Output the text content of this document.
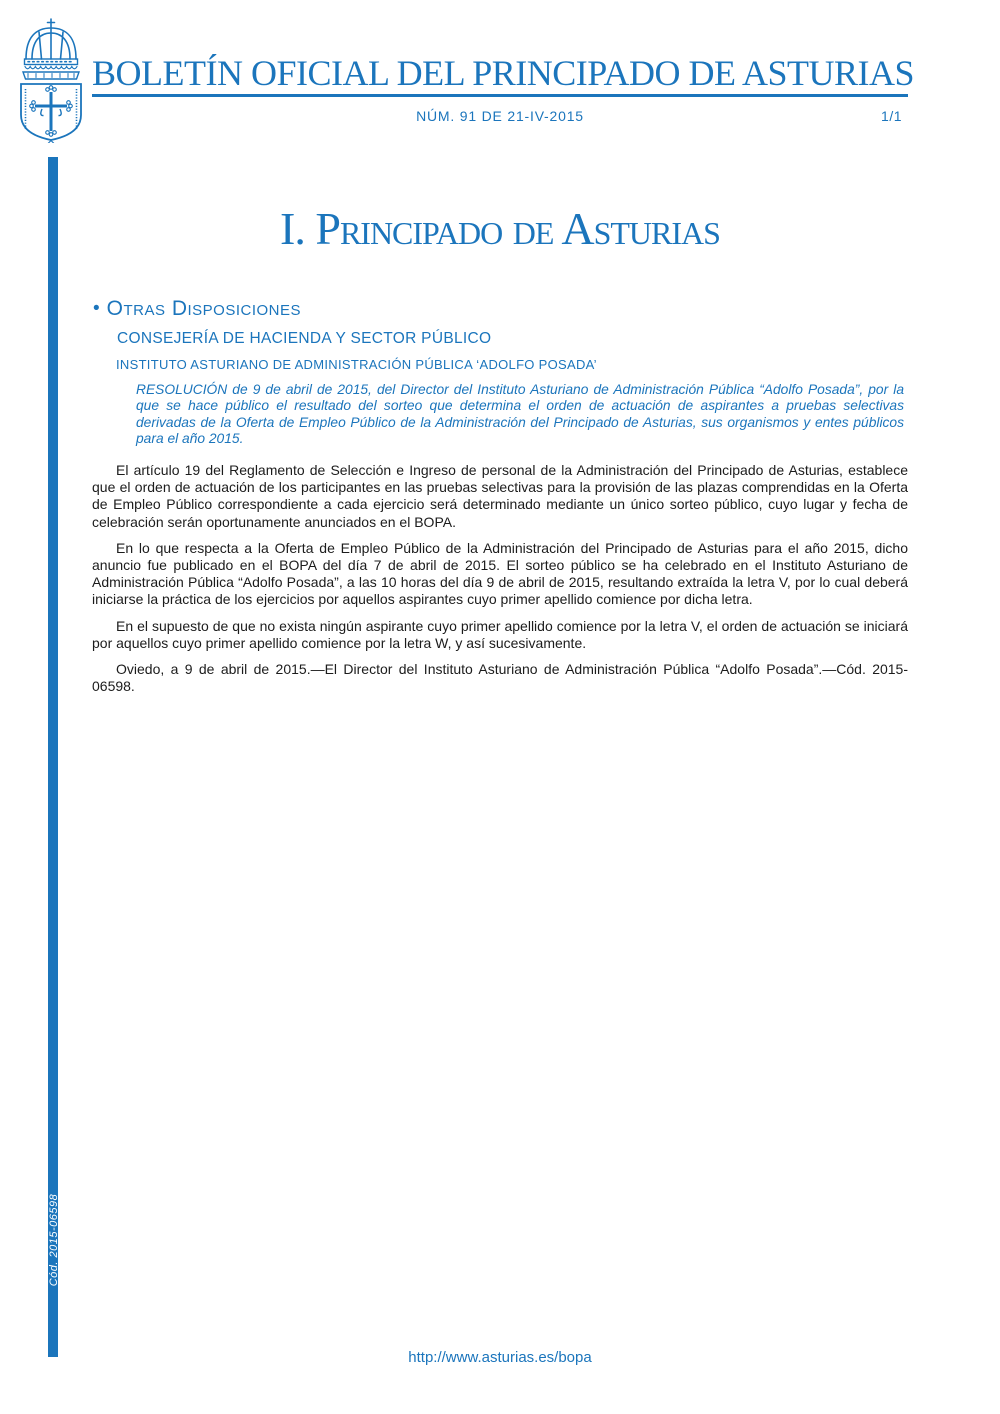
BOLETÍN OFICIAL DEL PRINCIPADO DE ASTURIAS
NÚM. 91 DE 21-IV-2015	1/1
Cód. 2015-06598
I. Principado de Asturias
• Otras Disposiciones
CONSEJERÍA DE HACIENDA Y SECTOR PÚBLICO
INSTITUTO ASTURIANO DE ADMINISTRACIÓN PÚBLICA ‘ADOLFO POSADA’

RESOLUCIÓN de 9 de abril de 2015, del Director del Instituto Asturiano de Administración Pública “Adolfo Posada”, por la que se hace público el resultado del sorteo que determina el orden de actuación de aspirantes a pruebas selectivas derivadas de la Oferta de Empleo Público de la Administración del Principado de Asturias, sus organismos y entes públicos para el año 2015.

El artículo 19 del Reglamento de Selección e Ingreso de personal de la Administración del Principado de Asturias, establece que el orden de actuación de los participantes en las pruebas selectivas para la provisión de las plazas comprendidas en la Oferta de Empleo Público correspondiente a cada ejercicio será determinado mediante un único sorteo público, cuyo lugar y fecha de celebración serán oportunamente anunciados en el BOPA.

En lo que respecta a la Oferta de Empleo Público de la Administración del Principado de Asturias para el año 2015, dicho anuncio fue publicado en el BOPA del día 7 de abril de 2015. El sorteo público se ha celebrado en el Instituto Asturiano de Administración Pública “Adolfo Posada”, a las 10 horas del día 9 de abril de 2015, resultando extraída la letra V, por lo cual deberá iniciarse la práctica de los ejercicios por aquellos aspirantes cuyo primer apellido comience por dicha letra.

En el supuesto de que no exista ningún aspirante cuyo primer apellido comience por la letra V, el orden de actuación se iniciará por aquellos cuyo primer apellido comience por la letra W, y así sucesivamente.

Oviedo, a 9 de abril de 2015.—El Director del Instituto Asturiano de Administración Pública “Adolfo Posada”.—Cód. 2015-06598.

http://www.asturias.es/bopa
